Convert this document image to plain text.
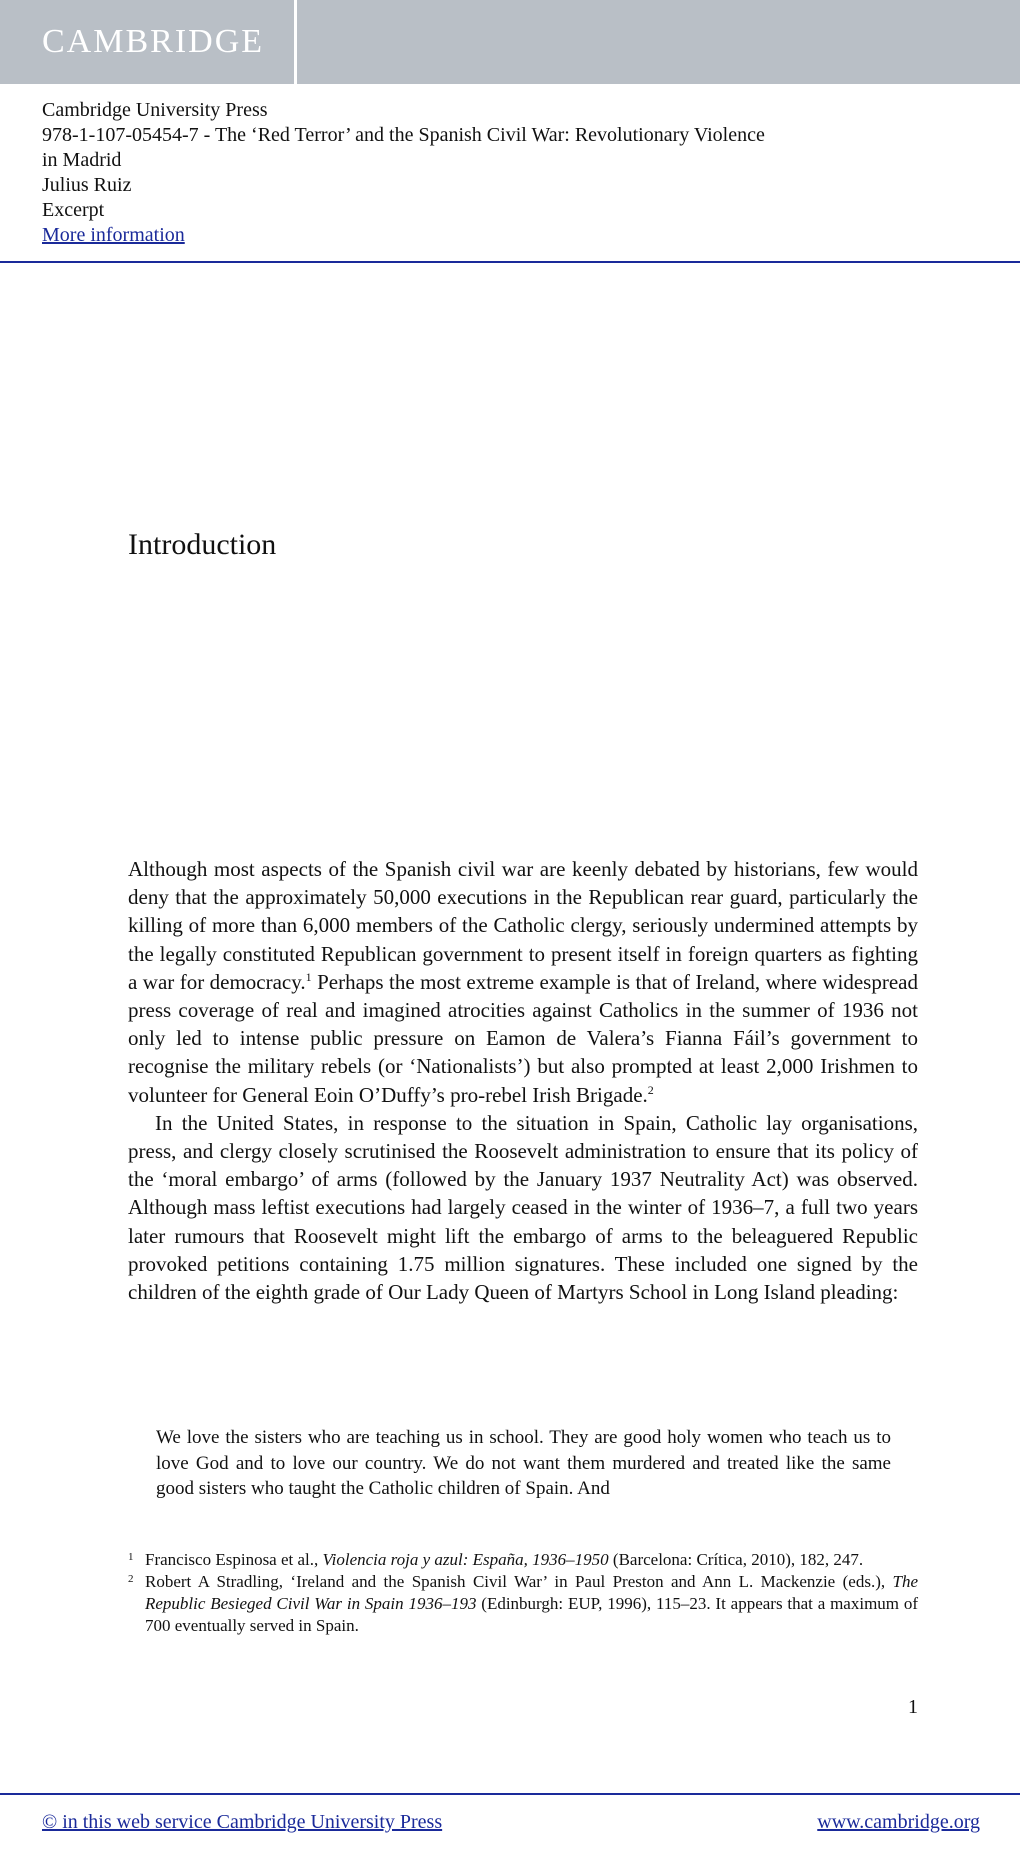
CAMBRIDGE
Cambridge University Press
978-1-107-05454-7 - The ‘Red Terror’ and the Spanish Civil War: Revolutionary Violence
in Madrid
Julius Ruiz
Excerpt
More information
Introduction

Although most aspects of the Spanish civil war are keenly debated by historians, few would deny that the approximately 50,000 executions in the Republican rear guard, particularly the killing of more than 6,000 members of the Catholic clergy, seriously undermined attempts by the legally constituted Republican government to present itself in foreign quarters as fighting a war for democracy.$^1$ Perhaps the most extreme example is that of Ireland, where widespread press coverage of real and imagined atrocities against Catholics in the summer of 1936 not only led to intense public pressure on Eamon de Valera’s Fianna Fáil’s government to recognise the military rebels (or ‘Nationalists’) but also prompted at least 2,000 Irishmen to volunteer for General Eoin O’Duffy’s pro-rebel Irish Brigade.$^2$

In the United States, in response to the situation in Spain, Catholic lay organisations, press, and clergy closely scrutinised the Roosevelt administration to ensure that its policy of the ‘moral embargo’ of arms (followed by the January 1937 Neutrality Act) was observed. Although mass leftist executions had largely ceased in the winter of 1936–7, a full two years later rumours that Roosevelt might lift the embargo of arms to the beleaguered Republic provoked petitions containing 1.75 million signatures. These included one signed by the children of the eighth grade of Our Lady Queen of Martyrs School in Long Island pleading:

We love the sisters who are teaching us in school. They are good holy women who teach us to love God and to love our country. We do not want them murdered and treated like the same good sisters who taught the Catholic children of Spain. And
1 Francisco Espinosa et al., Violencia roja y azul: España, 1936–1950 (Barcelona: Crítica, 2010), 182, 247.
2 Robert A Stradling, ‘Ireland and the Spanish Civil War’ in Paul Preston and Ann L. Mackenzie (eds.), The Republic Besieged Civil War in Spain 1936–193 (Edinburgh: EUP, 1996), 115–23. It appears that a maximum of 700 eventually served in Spain.
1
© in this web service Cambridge University Press	www.cambridge.org
